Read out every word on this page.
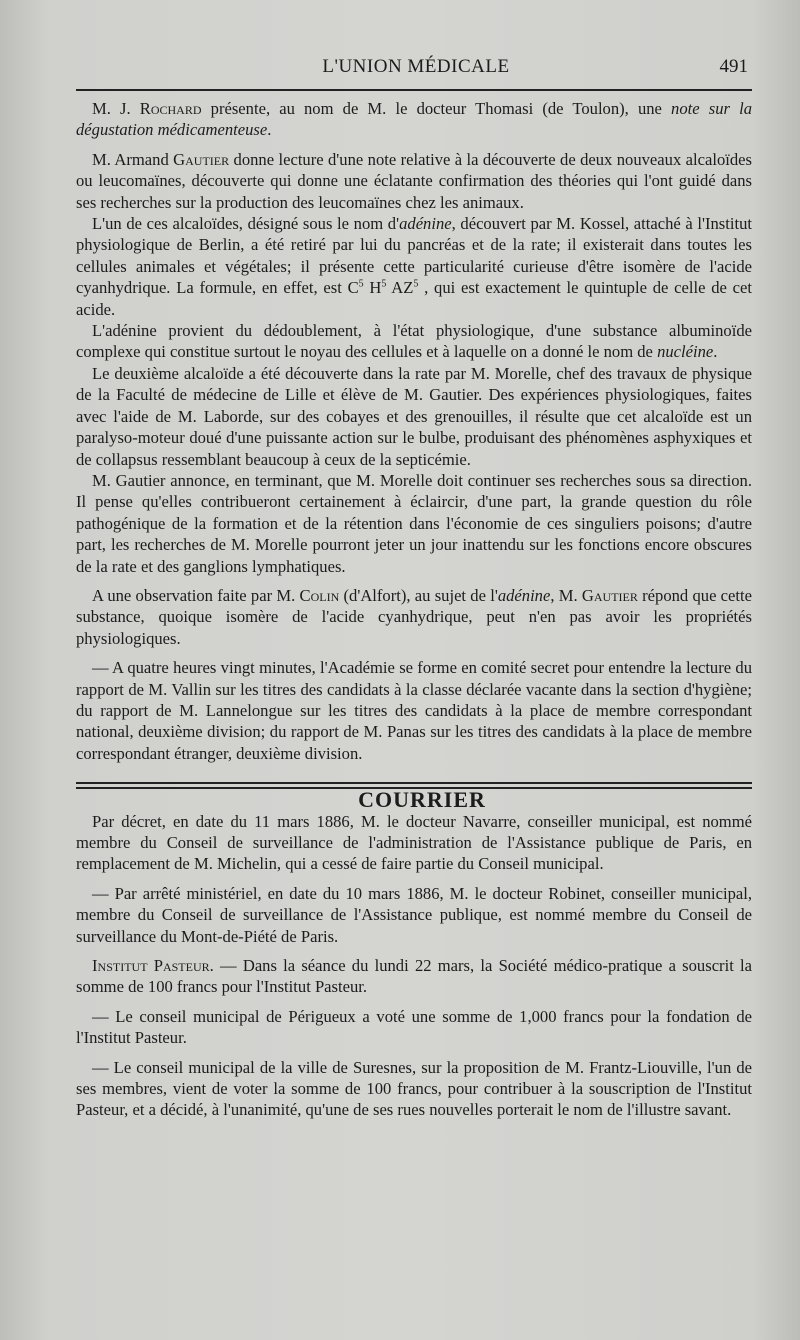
L'UNION MÉDICALE	491

M. J. Rochard présente, au nom de M. le docteur Thomasi (de Toulon), une note sur la dégustation médicamenteuse.

M. Armand Gautier donne lecture d'une note relative à la découverte de deux nouveaux alcaloïdes ou leucomaïnes, découverte qui donne une éclatante confirmation des théories qui l'ont guidé dans ses recherches sur la production des leucomaïnes chez les animaux.

L'un de ces alcaloïdes, désigné sous le nom d'adénine, découvert par M. Kossel, attaché à l'Institut physiologique de Berlin, a été retiré par lui du pancréas et de la rate; il existerait dans toutes les cellules animales et végétales; il présente cette particularité curieuse d'être isomère de l'acide cyanhydrique. La formule, en effet, est $C^5$ $H^5$ $AZ^5$ , qui est exactement le quintuple de celle de cet acide.

L'adénine provient du dédoublement, à l'état physiologique, d'une substance albuminoïde complexe qui constitue surtout le noyau des cellules et à laquelle on a donné le nom de nucléine.

Le deuxième alcaloïde a été découverte dans la rate par M. Morelle, chef des travaux de physique de la Faculté de médecine de Lille et élève de M. Gautier. Des expériences physiologiques, faites avec l'aide de M. Laborde, sur des cobayes et des grenouilles, il résulte que cet alcaloïde est un paralyso-moteur doué d'une puissante action sur le bulbe, produisant des phénomènes asphyxiques et de collapsus ressemblant beaucoup à ceux de la septicémie.

M. Gautier annonce, en terminant, que M. Morelle doit continuer ses recherches sous sa direction. Il pense qu'elles contribueront certainement à éclaircir, d'une part, la grande question du rôle pathogénique de la formation et de la rétention dans l'économie de ces singuliers poisons; d'autre part, les recherches de M. Morelle pourront jeter un jour inattendu sur les fonctions encore obscures de la rate et des ganglions lymphatiques.

A une observation faite par M. Colin (d'Alfort), au sujet de l'adénine, M. Gautier répond que cette substance, quoique isomère de l'acide cyanhydrique, peut n'en pas avoir les propriétés physiologiques.

— A quatre heures vingt minutes, l'Académie se forme en comité secret pour entendre la lecture du rapport de M. Vallin sur les titres des candidats à la classe déclarée vacante dans la section d'hygiène; du rapport de M. Lannelongue sur les titres des candidats à la place de membre correspondant national, deuxième division; du rapport de M. Panas sur les titres des candidats à la place de membre correspondant étranger, deuxième division.

COURRIER

Par décret, en date du 11 mars 1886, M. le docteur Navarre, conseiller municipal, est nommé membre du Conseil de surveillance de l'administration de l'Assistance publique de Paris, en remplacement de M. Michelin, qui a cessé de faire partie du Conseil municipal.

— Par arrêté ministériel, en date du 10 mars 1886, M. le docteur Robinet, conseiller municipal, membre du Conseil de surveillance de l'Assistance publique, est nommé membre du Conseil de surveillance du Mont-de-Piété de Paris.

Institut Pasteur. — Dans la séance du lundi 22 mars, la Société médico-pratique a souscrit la somme de 100 francs pour l'Institut Pasteur.

— Le conseil municipal de Périgueux a voté une somme de 1,000 francs pour la fondation de l'Institut Pasteur.

— Le conseil municipal de la ville de Suresnes, sur la proposition de M. Frantz-Liouville, l'un de ses membres, vient de voter la somme de 100 francs, pour contribuer à la souscription de l'Institut Pasteur, et a décidé, à l'unanimité, qu'une de ses rues nouvelles porterait le nom de l'illustre savant.
